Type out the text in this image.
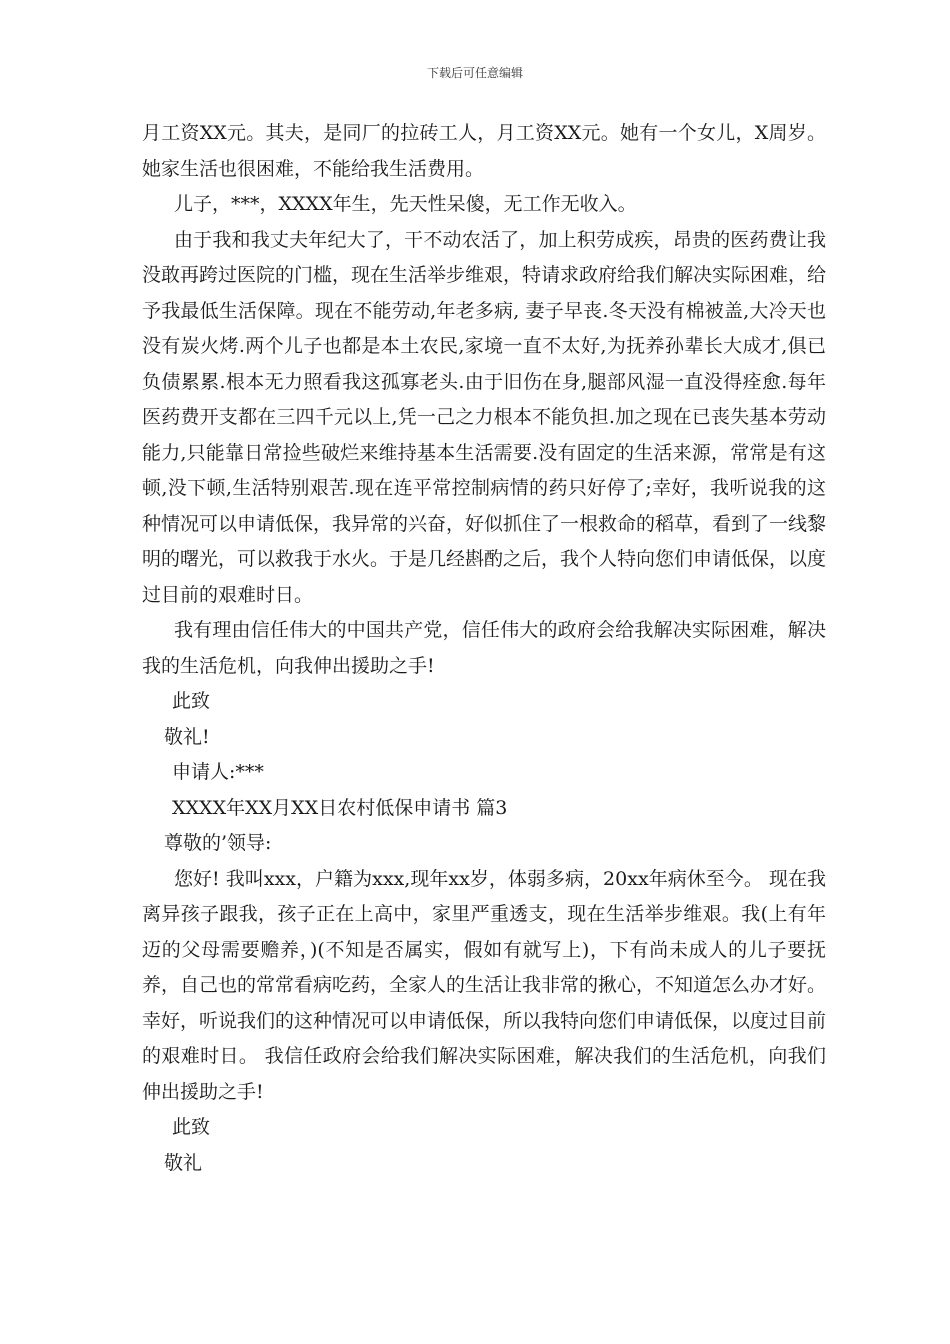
下载后可任意编辑

月工资XX元。其夫，是同厂的拉砖工人，月工资XX元。她有一个女儿，X周岁。她家生活也很困难，不能给我生活费用。

儿子，***，XXXX年生，先天性呆傻，无工作无收入。

由于我和我丈夫年纪大了，干不动农活了，加上积劳成疾，昂贵的医药费让我没敢再跨过医院的门槛，现在生活举步维艰，特请求政府给我们解决实际困难，给予我最低生活保障。现在不能劳动,年老多病, 妻子早丧.冬天没有棉被盖,大冷天也没有炭火烤.两个儿子也都是本土农民,家境一直不太好,为抚养孙辈长大成才,俱已负债累累.根本无力照看我这孤寡老头.由于旧伤在身,腿部风湿一直没得痊愈.每年医药费开支都在三四千元以上,凭一己之力根本不能负担.加之现在已丧失基本劳动能力,只能靠日常捡些破烂来维持基本生活需要.没有固定的生活来源，常常是有这顿,没下顿,生活特别艰苦.现在连平常控制病情的药只好停了;幸好，我听说我的这种情况可以申请低保，我异常的兴奋，好似抓住了一根救命的稻草，看到了一线黎明的曙光，可以救我于水火。于是几经斟酌之后，我个人特向您们申请低保，以度过目前的艰难时日。

我有理由信任伟大的中国共产党，信任伟大的政府会给我解决实际困难，解决我的生活危机，向我伸出援助之手!

此致

敬礼!

申请人:***

XXXX年XX月XX日农村低保申请书 篇3

尊敬的’领导:

您好! 我叫xxx，户籍为xxx,现年xx岁，体弱多病，20xx年病休至今。 现在我离异孩子跟我，孩子正在上高中，家里严重透支，现在生活举步维艰。我(上有年迈的父母需要赡养，)(不知是否属实，假如有就写上)，下有尚未成人的儿子要抚养，自己也的常常看病吃药，全家人的生活让我非常的揪心，不知道怎么办才好。幸好，听说我们的这种情况可以申请低保，所以我特向您们申请低保，以度过目前的艰难时日。 我信任政府会给我们解决实际困难，解决我们的生活危机，向我们伸出援助之手!

此致

敬礼
